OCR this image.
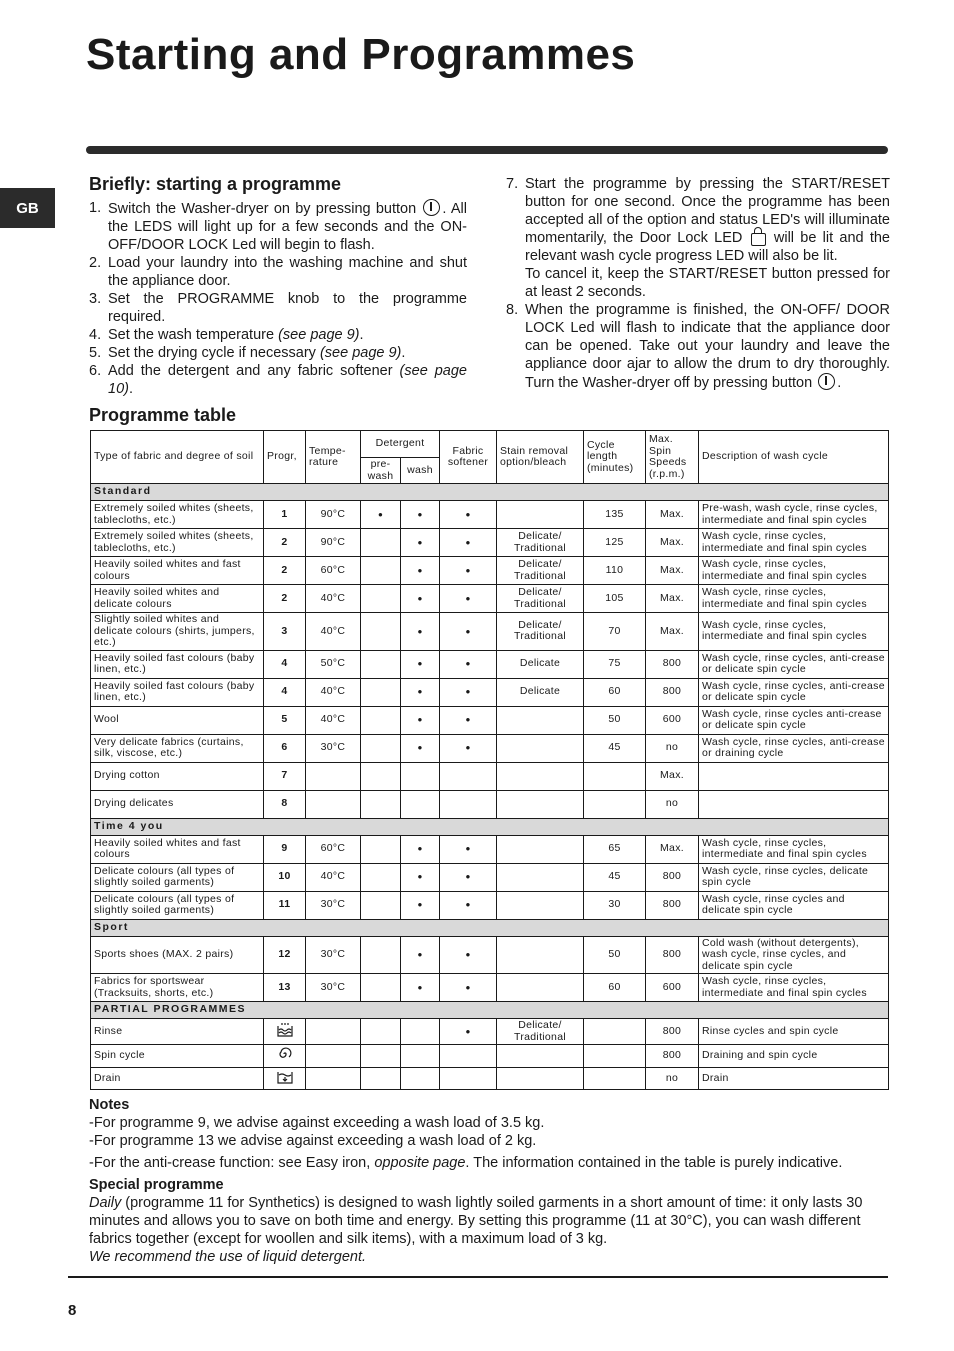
Starting and Programmes
GB
Briefly: starting a programme
1. Switch the Washer-dryer on by pressing button . All the LEDS will light up for a few seconds and the ON-OFF/DOOR LOCK Led will begin to flash.
2. Load your laundry into the washing machine and shut the appliance door.
3. Set the PROGRAMME knob to the programme required.
4. Set the wash temperature (see page 9).
5. Set the drying cycle if necessary (see page 9).
6. Add the detergent and any fabric softener (see page 10).
7. Start the programme by pressing the START/RESET button for one second. Once the programme has been accepted all of the option and status LED's will illuminate momentarily, the Door Lock LED  will be lit and the relevant wash cycle progress LED will also be lit.
To cancel it, keep the START/RESET button pressed for at least 2 seconds.
8. When the programme is finished, the ON-OFF/ DOOR LOCK Led will flash to indicate that the appliance door can be opened. Take out your laundry and leave the appliance door ajar to allow the drum to dry thoroughly. Turn the Washer-dryer off by pressing button .
Programme table
Type of fabric and degree of soil	Progr,	Tempe-rature	Detergent		Fabric softener	Stain removal option/bleach	Cycle length (minutes)	Max. Spin Speeds (r.p.m.)	Description of wash cycle
			pre-wash	wash					
Standard									
Extremely soiled whites (sheets, tablecloths, etc.)	1	90°C	•	•	•		135	Max.	Pre-wash, wash cycle, rinse cycles, intermediate and final spin cycles
Extremely soiled whites (sheets, tablecloths, etc.)	2	90°C		•	•	Delicate/ Traditional	125	Max.	Wash cycle, rinse cycles, intermediate and final spin cycles
Heavily soiled whites and fast colours	2	60°C		•	•	Delicate/ Traditional	110	Max.	Wash cycle, rinse cycles, intermediate and final spin cycles
Heavily soiled whites and delicate colours	2	40°C		•	•	Delicate/ Traditional	105	Max.	Wash cycle, rinse cycles, intermediate and final spin cycles
Slightly soiled whites and delicate colours (shirts, jumpers, etc.)	3	40°C		•	•	Delicate/ Traditional	70	Max.	Wash cycle, rinse cycles, intermediate and final spin cycles
Heavily soiled fast colours (baby linen, etc.)	4	50°C		•	•	Delicate	75	800	Wash cycle, rinse cycles, anti-crease or delicate spin cycle
Heavily soiled fast colours (baby linen, etc.)	4	40°C		•	•	Delicate	60	800	Wash cycle, rinse cycles, anti-crease or delicate spin cycle
Wool	5	40°C		•	•		50	600	Wash cycle, rinse cycles anti-crease or delicate spin cycle
Very delicate fabrics (curtains, silk, viscose, etc.)	6	30°C		•	•		45	no	Wash cycle, rinse cycles, anti-crease or draining cycle
Drying cotton	7							Max.	
Drying delicates	8							no	
Time 4 you									
Heavily soiled whites and fast colours	9	60°C		•	•		65	Max.	Wash cycle, rinse cycles, intermediate and final spin cycles
Delicate colours (all types of slightly soiled garments)	10	40°C		•	•		45	800	Wash cycle, rinse cycles, delicate spin cycle
Delicate colours (all types of slightly soiled garments)	11	30°C		•	•		30	800	Wash cycle, rinse cycles and delicate spin cycle
Sport									
Sports shoes (MAX. 2 pairs)	12	30°C		•	•		50	800	Cold wash (without detergents), wash cycle, rinse cycles, and delicate spin cycle
Fabrics for sportswear (Tracksuits, shorts, etc.)	13	30°C		•	•		60	600	Wash cycle, rinse cycles, intermediate and final spin cycles
PARTIAL PROGRAMMES									
Rinse					•	Delicate/ Traditional		800	Rinse cycles and spin cycle
Spin cycle								800	Draining and spin cycle
Drain								no	Drain

Notes

-For programme 9, we advise against exceeding a wash load of 3.5 kg.

-For programme 13 we advise against exceeding a wash load of 2 kg.

-For the anti-crease function: see Easy iron, opposite page. The information contained in the table is purely indicative.

Special programme

Daily (programme 11 for Synthetics) is designed to wash lightly soiled garments in a short amount of time: it only lasts 30 minutes and allows you to save on both time and energy. By setting this programme (11 at 30°C), you can wash different fabrics together (except for woollen and silk items), with a maximum load of 3 kg.

We recommend the use of liquid detergent.

8
